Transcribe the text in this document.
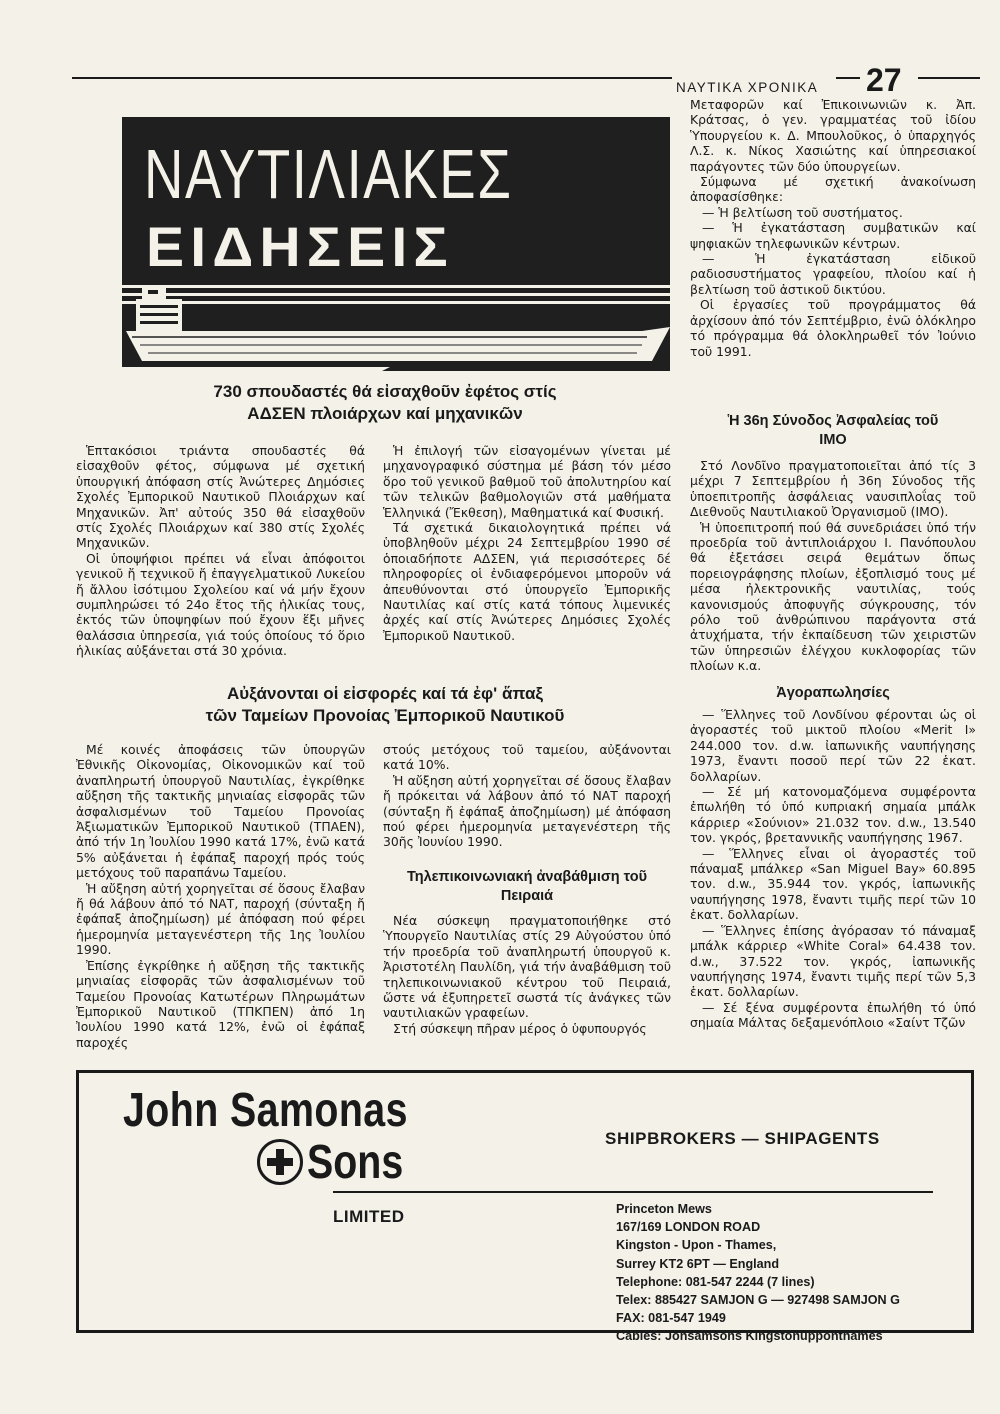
ΝΑΥΤΙΚΑ ΧΡΟΝΙΚΑ 27
ΝΑΥΤΙΛΙΑΚΕΣ
ΕΙΔΗΣΕΙΣ
730 σπουδαστές θά εἰσαχθοῦν ἐφέτος στίς
ΑΔΣΕΝ πλοιάρχων καί μηχανικῶν

Ἑπτακόσιοι τριάντα σπουδαστές θά εἰσαχθοῦν φέτος, σύμφωνα μέ σχετική ὑπουργική ἀπόφαση στίς Ἀνώτερες Δημόσιες Σχολές Ἐμπορικοῦ Ναυτικοῦ Πλοιάρχων καί Μηχανικῶν. Ἀπ' αὐτούς 350 θά εἰσαχθοῦν στίς Σχολές Πλοιάρχων καί 380 στίς Σχολές Μηχανικῶν.

Οἱ ὑποψήφιοι πρέπει νά εἶναι ἀπόφοιτοι γενικοῦ ἤ τεχνικοῦ ἤ ἐπαγγελματικοῦ Λυκείου ἤ ἄλλου ἰσότιμου Σχολείου καί νά μήν ἔχουν συμπληρώσει τό 24ο ἔτος τῆς ἡλικίας τους, ἐκτός τῶν ὑποψηφίων πού ἔχουν ἕξι μῆνες θαλάσσια ὑπηρεσία, γιά τούς ὁποίους τό ὅριο ἡλικίας αὐξάνεται στά 30 χρόνια.

Ἡ ἐπιλογή τῶν εἰσαγομένων γίνεται μέ μηχανογραφικό σύστημα μέ βάση τόν μέσο ὅρο τοῦ γενικοῦ βαθμοῦ τοῦ ἀπολυτηρίου καί τῶν τελικῶν βαθμολογιῶν στά μαθήματα Ἑλληνικά (Ἔκθεση), Μαθηματικά καί Φυσική.

Τά σχετικά δικαιολογητικά πρέπει νά ὑποβληθοῦν μέχρι 24 Σεπτεμβρίου 1990 σέ ὁποιαδήποτε ΑΔΣΕΝ, γιά περισσότερες δέ πληροφορίες οἱ ἐνδιαφερόμενοι μποροῦν νά ἀπευθύνονται στό ὑπουργεῖο Ἐμπορικῆς Ναυτιλίας καί στίς κατά τόπους λιμενικές ἀρχές καί στίς Ἀνώτερες Δημόσιες Σχολές Ἐμπορικοῦ Ναυτικοῦ.

Αὐξάνονται οἱ εἰσφορές καί τά ἐφ' ἅπαξ
τῶν Ταμείων Προνοίας Ἐμπορικοῦ Ναυτικοῦ

Μέ κοινές ἀποφάσεις τῶν ὑπουργῶν Ἐθνικῆς Οἰκονομίας, Οἰκονομικῶν καί τοῦ ἀναπληρωτή ὑπουργοῦ Ναυτιλίας, ἐγκρίθηκε αὔξηση τῆς τακτικῆς μηνιαίας εἰσφορᾶς τῶν ἀσφαλισμένων τοῦ Ταμείου Προνοίας Ἀξιωματικῶν Ἐμπορικοῦ Ναυτικοῦ (ΤΠΑΕΝ), ἀπό τήν 1η Ἰουλίου 1990 κατά 17%, ἐνῶ κατά 5% αὐξάνεται ἡ ἐφάπαξ παροχή πρός τούς μετόχους τοῦ παραπάνω Ταμείου.

Ἡ αὔξηση αὐτή χορηγεῖται σέ ὅσους ἔλαβαν ἤ θά λάβουν ἀπό τό ΝΑΤ, παροχή (σύνταξη ἤ ἐφάπαξ ἀποζημίωση) μέ ἀπόφαση πού φέρει ἡμερομηνία μεταγενέστερη τῆς 1ης Ἰουλίου 1990.

Ἐπίσης ἐγκρίθηκε ἡ αὔξηση τῆς τακτικῆς μηνιαίας εἰσφορᾶς τῶν ἀσφαλισμένων τοῦ Ταμείου Προνοίας Κατωτέρων Πληρωμάτων Ἐμπορικοῦ Ναυτικοῦ (ΤΠΚΠΕΝ) ἀπό 1η Ἰουλίου 1990 κατά 12%, ἐνῶ οἱ ἐφάπαξ παροχές

στούς μετόχους τοῦ ταμείου, αὐξάνονται κατά 10%.

Ἡ αὔξηση αὐτή χορηγεῖται σέ ὅσους ἔλαβαν ἤ πρόκειται νά λάβουν ἀπό τό ΝΑΤ παροχή (σύνταξη ἤ ἐφάπαξ ἀποζημίωση) μέ ἀπόφαση πού φέρει ἡμερομηνία μεταγενέστερη τῆς 30ῆς Ἰουνίου 1990.

Τηλεπικοινωνιακή ἀναβάθμιση τοῦ
Πειραιά

Νέα σύσκεψη πραγματοποιήθηκε στό Ὑπουργεῖο Ναυτιλίας στίς 29 Αὐγούστου ὑπό τήν προεδρία τοῦ ἀναπληρωτή ὑπουργοῦ κ. Ἀριστοτέλη Παυλίδη, γιά τήν ἀναβάθμιση τοῦ τηλεπικοινωνιακοῦ κέντρου τοῦ Πειραιά, ὥστε νά ἐξυπηρετεῖ σωστά τίς ἀνάγκες τῶν ναυτιλιακῶν γραφείων.

Στή σύσκεψη πῆραν μέρος ὁ ὑφυπουργός

Μεταφορῶν καί Ἐπικοινωνιῶν κ. Ἀπ. Κράτσας, ὁ γεν. γραμματέας τοῦ ἰδίου Ὑπουργείου κ. Δ. Μπουλοῦκος, ὁ ὑπαρχηγός Λ.Σ. κ. Νίκος Χασιώτης καί ὑπηρεσιακοί παράγοντες τῶν δύο ὑπουργείων.

Σύμφωνα μέ σχετική ἀνακοίνωση ἀποφασίσθηκε:

— Ἡ βελτίωση τοῦ συστήματος.

— Ἡ ἐγκατάσταση συμβατικῶν καί ψηφιακῶν τηλεφωνικῶν κέντρων.

— Ἡ ἐγκατάσταση εἰδικοῦ ραδιοσυστήματος γραφείου, πλοίου καί ἡ βελτίωση τοῦ ἀστικοῦ δικτύου.

Οἱ ἐργασίες τοῦ προγράμματος θά ἀρχίσουν ἀπό τόν Σεπτέμβριο, ἐνῶ ὁλόκληρο τό πρόγραμμα θά ὁλοκληρωθεῖ τόν Ἰούνιο τοῦ 1991.

Ἡ 36η Σύνοδος Ἀσφαλείας τοῦ
ΙΜΟ

Στό Λονδῖνο πραγματοποιεῖται ἀπό τίς 3 μέχρι 7 Σεπτεμβρίου ἡ 36η Σύνοδος τῆς ὑποεπιτροπῆς ἀσφάλειας ναυσιπλοΐας τοῦ Διεθνοῦς Ναυτιλιακοῦ Ὀργανισμοῦ (ΙΜΟ).

Ἡ ὑποεπιτροπή πού θά συνεδριάσει ὑπό τήν προεδρία τοῦ ἀντιπλοιάρχου Ι. Πανόπουλου θά ἐξετάσει σειρά θεμάτων ὅπως πορειογράφησης πλοίων, ἐξοπλισμό τους μέ μέσα ἠλεκτρονικῆς ναυτιλίας, τούς κανονισμούς ἀποφυγῆς σύγκρουσης, τόν ρόλο τοῦ ἀνθρώπινου παράγοντα στά ἀτυχήματα, τήν ἐκπαίδευση τῶν χειριστῶν τῶν ὑπηρεσιῶν ἐλέγχου κυκλοφορίας τῶν πλοίων κ.α.

Ἀγοραπωλησίες

— Ἕλληνες τοῦ Λονδίνου φέρονται ὡς οἱ ἀγοραστές τοῦ μικτοῦ πλοίου «Merit I» 244.000 τον. d.w. ἰαπωνικῆς ναυπήγησης 1973, ἔναντι ποσοῦ περί τῶν 22 ἑκατ. δολλαρίων.

— Σέ μή κατονομαζόμενα συμφέροντα ἐπωλήθη τό ὑπό κυπριακή σημαία μπάλκ κάρριερ «Σούνιον» 21.032 τον. d.w., 13.540 τον. γκρός, βρεταννικῆς ναυπήγησης 1967.

— Ἕλληνες εἶναι οἱ ἀγοραστές τοῦ πάναμαξ μπάλκερ «San Miguel Bay» 60.895 τον. d.w., 35.944 τον. γκρός, ἰαπωνικῆς ναυπήγησης 1978, ἔναντι τιμῆς περί τῶν 10 ἑκατ. δολλαρίων.

— Ἕλληνες ἐπίσης ἀγόρασαν τό πάναμαξ μπάλκ κάρριερ «White Coral» 64.438 τον. d.w., 37.522 τον. γκρός, ἰαπωνικῆς ναυπήγησης 1974, ἔναντι τιμῆς περί τῶν 5,3 ἑκατ. δολλαρίων.

— Σέ ξένα συμφέροντα ἐπωλήθη τό ὑπό σημαία Μάλτας δεξαμενόπλοιο «Σαίντ Τζῶν

John Samonas
Sons	SHIPBROKERS — SHIPAGENTS
LIMITED	Princeton Mews
167/169 LONDON ROAD
Kingston - Upon - Thames,
Surrey KT2 6PT — England
Telephone: 081-547 2244 (7 lines)
Telex: 885427 SAMJON G — 927498 SAMJON G
FAX: 081-547 1949
Cables: Jonsamsons Kingstonupponthames
